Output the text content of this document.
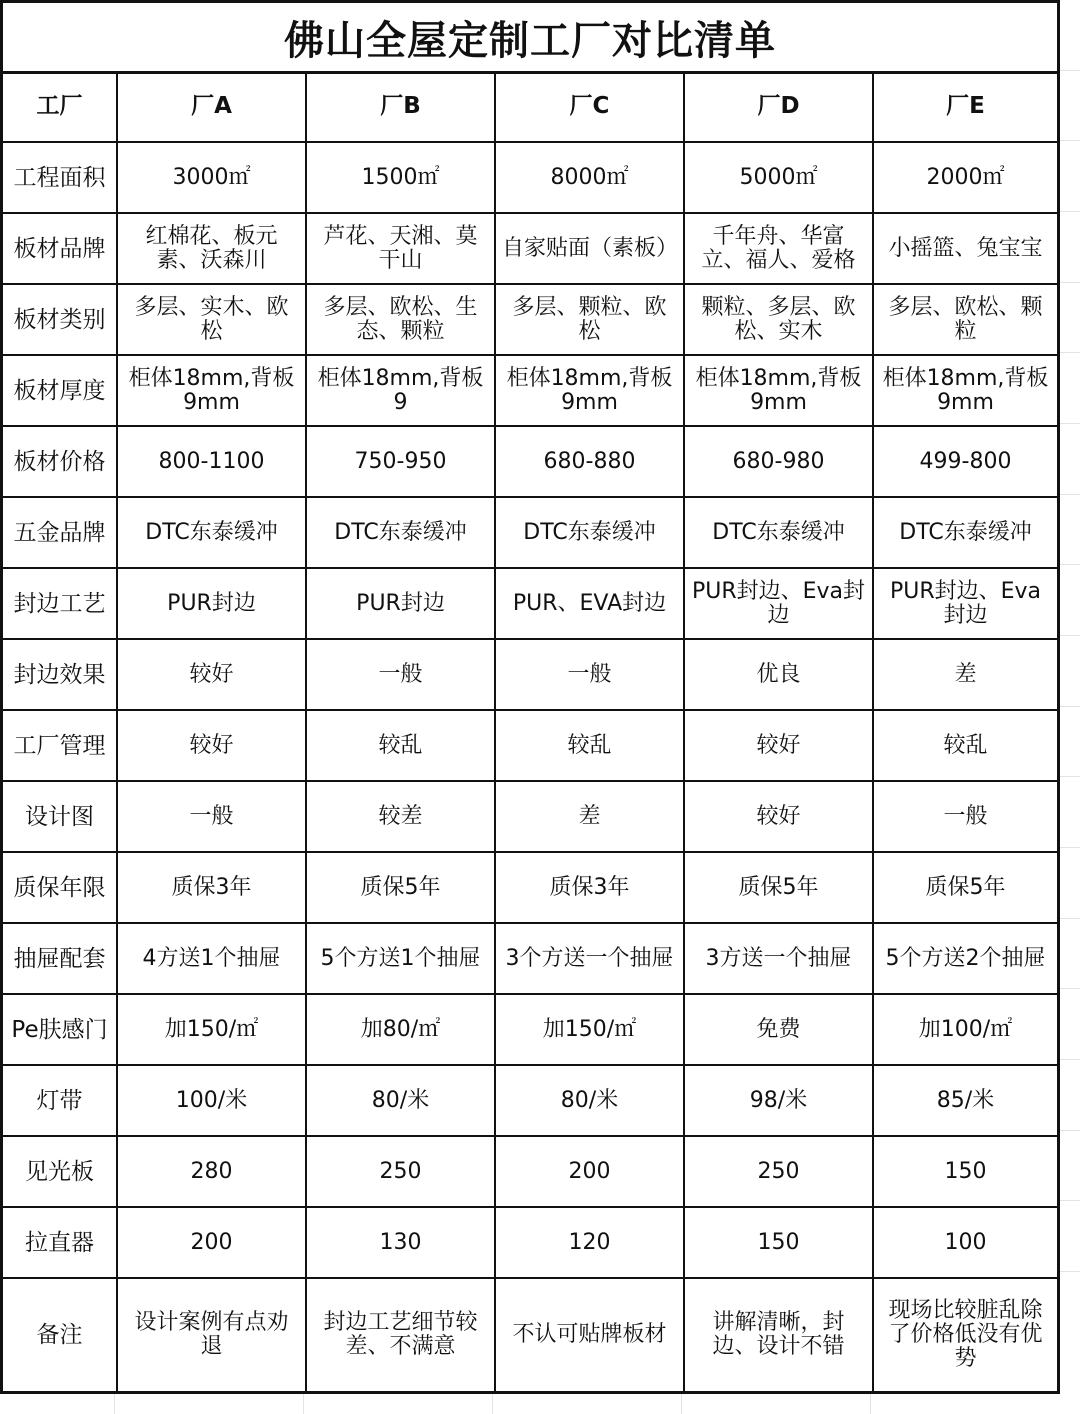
佛山全屋定制工厂对比清单
工厂	厂A	厂B	厂C	厂D	厂E
工程面积	3000㎡	1500㎡	8000㎡	5000㎡	2000㎡
板材品牌	红棉花、板元素、沃森川	芦花、天湘、莫干山	自家贴面（素板）	千年舟、华富立、福人、爱格	小摇篮、兔宝宝
板材类别	多层、实木、欧松	多层、欧松、生态、颗粒	多层、颗粒、欧松	颗粒、多层、欧松、实木	多层、欧松、颗粒
板材厚度	柜体18mm,背板9mm	柜体18mm,背板9	柜体18mm,背板9mm	柜体18mm,背板9mm	柜体18mm,背板9mm
板材价格	800-1100	750-950	680-880	680-980	499-800
五金品牌	DTC东泰缓冲	DTC东泰缓冲	DTC东泰缓冲	DTC东泰缓冲	DTC东泰缓冲
封边工艺	PUR封边	PUR封边	PUR、EVA封边	PUR封边、Eva封边	PUR封边、Eva封边
封边效果	较好	一般	一般	优良	差
工厂管理	较好	较乱	较乱	较好	较乱
设计图	一般	较差	差	较好	一般
质保年限	质保3年	质保5年	质保3年	质保5年	质保5年
抽屉配套	4方送1个抽屉	5个方送1个抽屉	3个方送一个抽屉	3方送一个抽屉	5个方送2个抽屉
Pe肤感门	加150/㎡	加80/㎡	加150/㎡	免费	加100/㎡
灯带	100/米	80/米	80/米	98/米	85/米
见光板	280	250	200	250	150
拉直器	200	130	120	150	100
备注	设计案例有点劝退	封边工艺细节较差、不满意	不认可贴牌板材	讲解清晰，封边、设计不错	现场比较脏乱除了价格低没有优势
